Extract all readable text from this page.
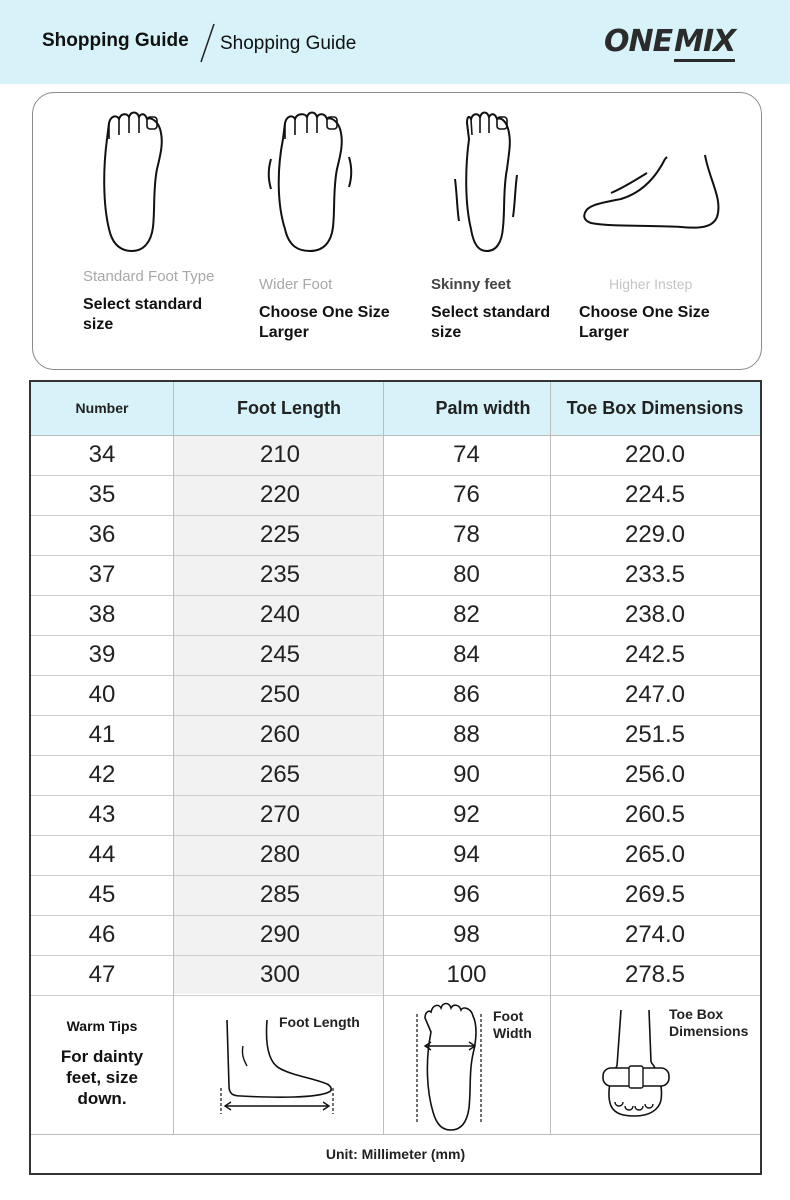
Shopping Guide Shopping Guide	ONEMIX
Standard Foot Type
Select standard size
Wider Foot
Choose One Size Larger
Skinny feet
Select standard size
Higher Instep
Choose One Size Larger
Number	Foot Length	Palm width	Toe Box Dimensions
34	210	74	220.0
35	220	76	224.5
36	225	78	229.0
37	235	80	233.5
38	240	82	238.0
39	245	84	242.5
40	250	86	247.0
41	260	88	251.5
42	265	90	256.0
43	270	92	260.5
44	280	94	265.0
45	285	96	269.5
46	290	98	274.0
47	300	100	278.5
Warm Tips
For dainty feet, size down.
Foot Length	Foot Width
Toe Box Dimensions
Unit: Millimeter (mm)
